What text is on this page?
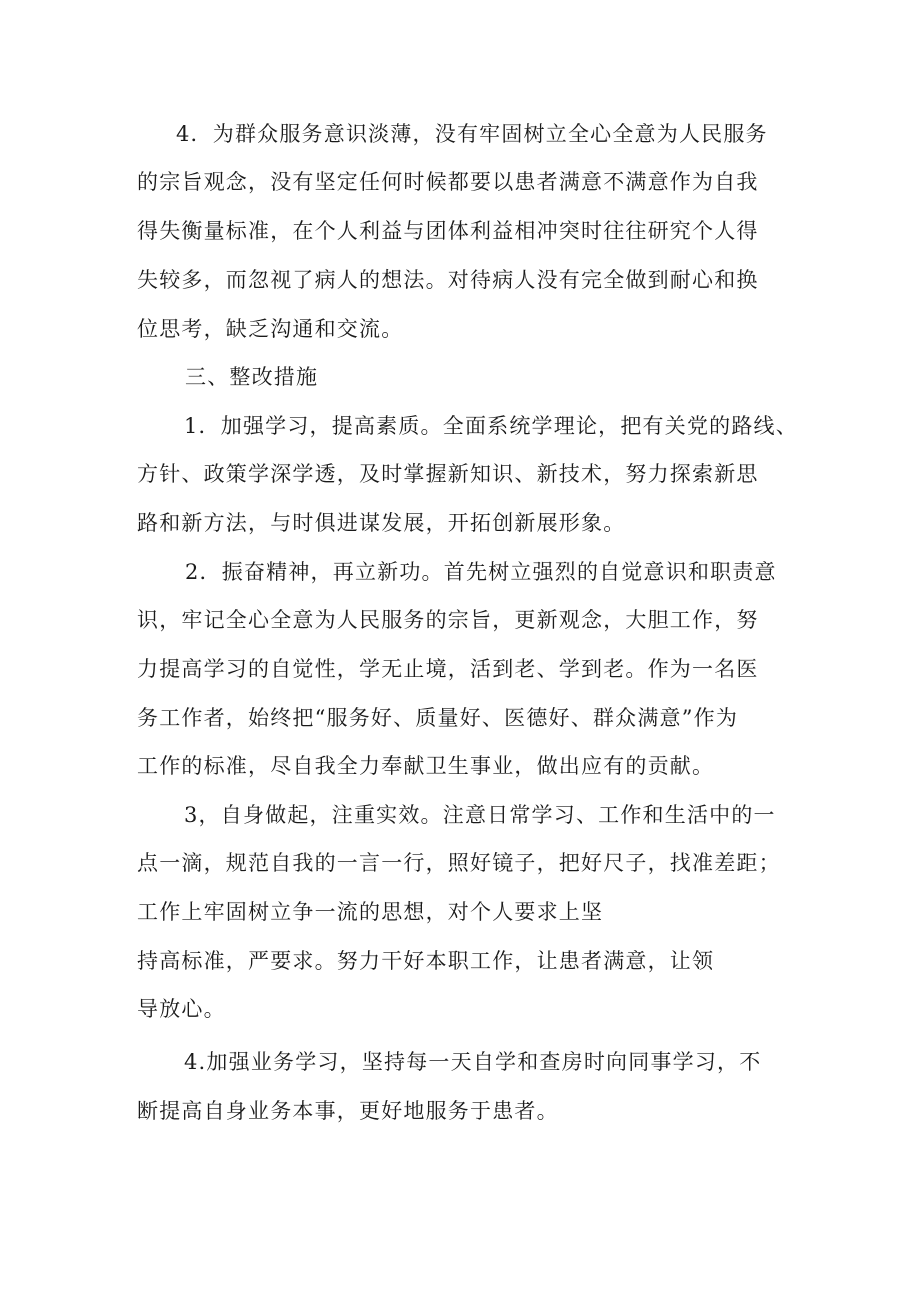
4．为群众服务意识淡薄，没有牢固树立全心全意为人民服务
的宗旨观念，没有坚定任何时候都要以患者满意不满意作为自我
得失衡量标准，在个人利益与团体利益相冲突时往往研究个人得
失较多，而忽视了病人的想法。对待病人没有完全做到耐心和换
位思考，缺乏沟通和交流。
三、整改措施
1．加强学习，提高素质。全面系统学理论，把有关党的路线、
方针、政策学深学透，及时掌握新知识、新技术，努力探索新思
路和新方法，与时俱进谋发展，开拓创新展形象。
2．振奋精神，再立新功。首先树立强烈的自觉意识和职责意
识，牢记全心全意为人民服务的宗旨，更新观念，大胆工作，努
力提高学习的自觉性，学无止境，活到老、学到老。作为一名医
务工作者，始终把“服务好、质量好、医德好、群众满意”作为
工作的标准，尽自我全力奉献卫生事业，做出应有的贡献。
3，自身做起，注重实效。注意日常学习、工作和生活中的一
点一滴，规范自我的一言一行，照好镜子，把好尺子，找准差距；
工作上牢固树立争一流的思想，对个人要求上坚
持高标准，严要求。努力干好本职工作，让患者满意，让领
导放心。
4.加强业务学习，坚持每一天自学和查房时向同事学习，不
断提高自身业务本事，更好地服务于患者。
